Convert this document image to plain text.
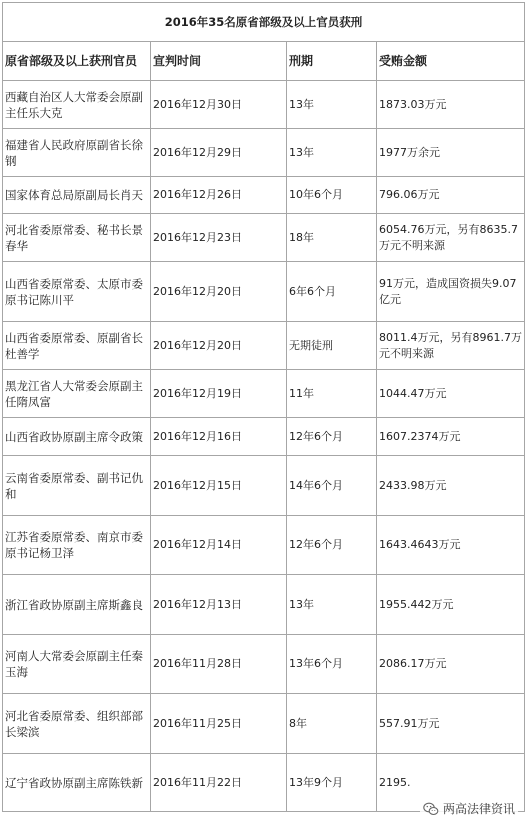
2016年35名原省部级及以上官员获刑			
原省部级及以上获刑官员	宣判时间	刑期	受贿金额
西藏自治区人大常委会原副主任乐大克	2016年12月30日	13年	1873.03万元
福建省人民政府原副省长徐钢	2016年12月29日	13年	1977万余元
国家体育总局原副局长肖天	2016年12月26日	10年6个月	796.06万元
河北省委原常委、秘书长景春华	2016年12月23日	18年	6054.76万元，另有8635.7万元不明来源
山西省委原常委、太原市委原书记陈川平	2016年12月20日	6年6个月	91万元，造成国资损失9.07亿元
山西省委原常委、原副省长杜善学	2016年12月20日	无期徒刑	8011.4万元，另有8961.7万元不明来源
黑龙江省人大常委会原副主任隋凤富	2016年12月19日	11年	1044.47万元
山西省政协原副主席令政策	2016年12月16日	12年6个月	1607.2374万元
云南省委原常委、副书记仇和	2016年12月15日	14年6个月	2433.98万元
江苏省委原常委、南京市委原书记杨卫泽	2016年12月14日	12年6个月	1643.4643万元
浙江省政协原副主席斯鑫良	2016年12月13日	13年	1955.442万元
河南人大常委会原副主任秦玉海	2016年11月28日	13年6个月	2086.17万元
河北省委原常委、组织部部长梁滨	2016年11月25日	8年	557.91万元
辽宁省政协原副主席陈铁新	2016年11月22日	13年9个月	2195.
两高法律资讯
